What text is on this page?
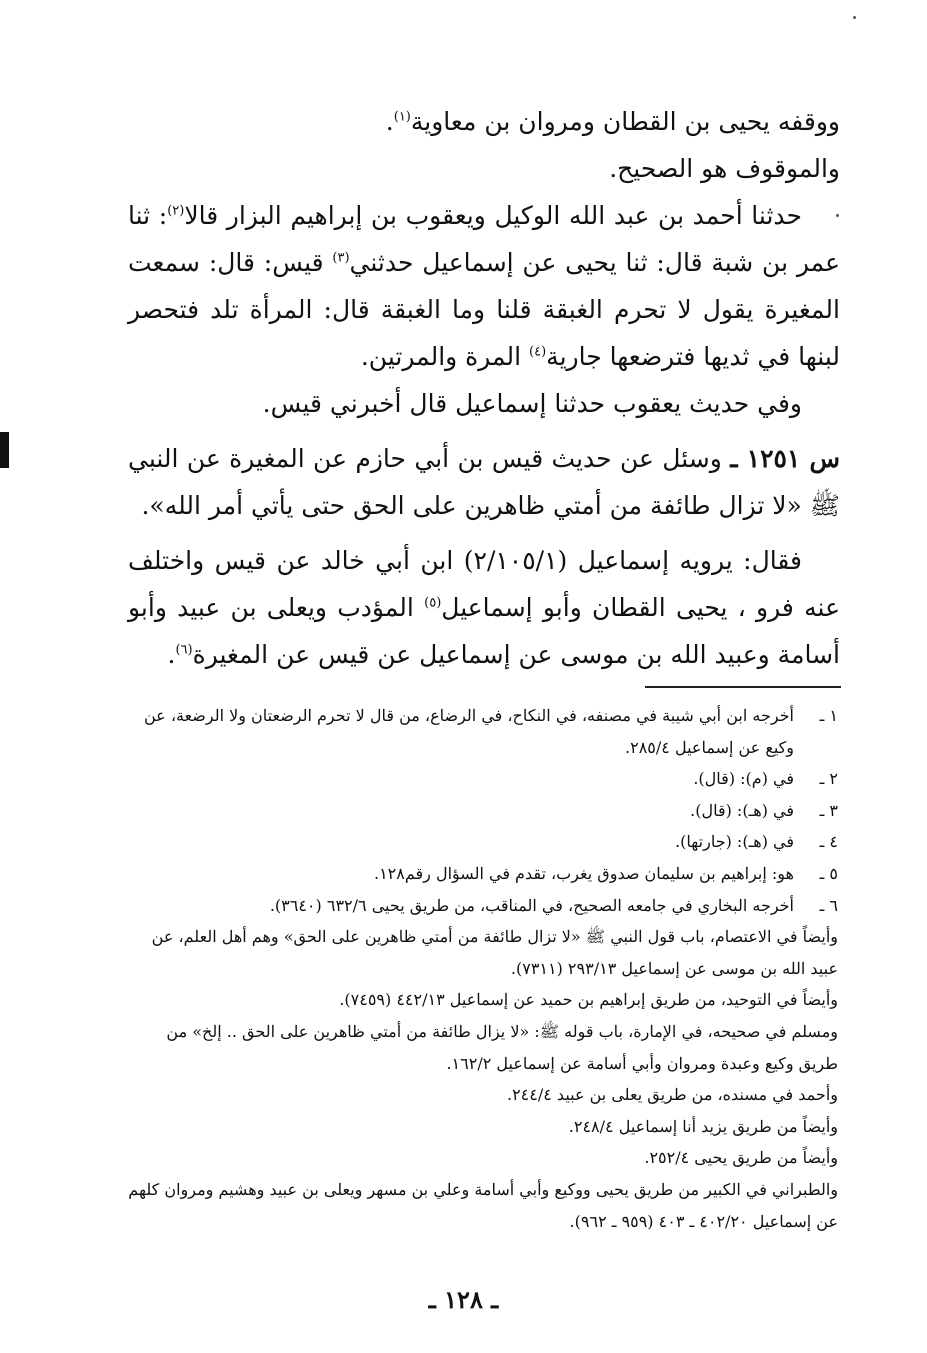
ووقفه يحيى بن القطان ومروان بن معاوية$^{(١)}$.

والموقوف هو الصحيح.

حدثنا أحمد بن عبد الله الوكيل ويعقوب بن إبراهيم البزار قالا$^{(٢)}$: ثنا عمر بن شبة قال: ثنا يحيى عن إسماعيل حدثني$^{(٣)}$ قيس: قال: سمعت المغيرة يقول لا تحرم الغبقة قلنا وما الغبقة قال: المرأة تلد فتحصر لبنها في ثديها فترضعها جارية$^{(٤)}$ المرة والمرتين.

وفي حديث يعقوب حدثنا إسماعيل قال أخبرني قيس.

س ١٢٥١ ـ وسئل عن حديث قيس بن أبي حازم عن المغيرة عن النبي ﷺ «لا تزال طائفة من أمتي ظاهرين على الحق حتى يأتي أمر الله».

فقال: يرويه إسماعيل (٢/١٠٥/١) ابن أبي خالد عن قيس واختلف عنه فرو ، يحيى القطان وأبو إسماعيل$^{(٥)}$ المؤدب ويعلى بن عبيد وأبو أسامة وعبيد الله بن موسى عن إسماعيل عن قيس عن المغيرة$^{(٦)}$.

١ ـ
أخرجه ابن أبي شيبة في مصنفه، في النكاح، في الرضاع، من قال لا تحرم الرضعتان ولا الرضعة، عن وكيع عن إسماعيل ٢٨٥/٤.
٢ ـ
في (م): (قال).
٣ ـ
في (هـ): (قال).
٤ ـ
في (هـ): (جارتها).
٥ ـ
هو: إبراهيم بن سليمان صدوق يغرب، تقدم في السؤال رقم١٢٨.
٦ ـ
أخرجه البخاري في جامعه الصحيح، في المناقب، من طريق يحيى ٦٣٢/٦ (٣٦٤٠).
وأيضاً في الاعتصام، باب قول النبي ﷺ «لا تزال طائفة من أمتي ظاهرين على الحق» وهم أهل العلم، عن عبيد الله بن موسى عن إسماعيل ٢٩٣/١٣ (٧٣١١).
وأيضاً في التوحيد، من طريق إبراهيم بن حميد عن إسماعيل ٤٤٢/١٣ (٧٤٥٩).
ومسلم في صحيحه، في الإمارة، باب قوله ﷺ: «لا يزال طائفة من أمتي ظاهرين على الحق .. إلخ» من طريق وكيع وعبدة ومروان وأبي أسامة عن إسماعيل ١٦٢/٢.
وأحمد في مسنده، من طريق يعلى بن عبيد ٢٤٤/٤.
وأيضاً من طريق يزيد أنا إسماعيل ٢٤٨/٤.
وأيضاً من طريق يحيى ٢٥٢/٤.
والطبراني في الكبير من طريق يحيى ووكيع وأبي أسامة وعلي بن مسهر ويعلى بن عبيد وهشيم ومروان كلهم عن إسماعيل ٤٠٢/٢٠ ـ ٤٠٣ (٩٥٩ ـ ٩٦٢).
ـ ١٢٨ ـ
